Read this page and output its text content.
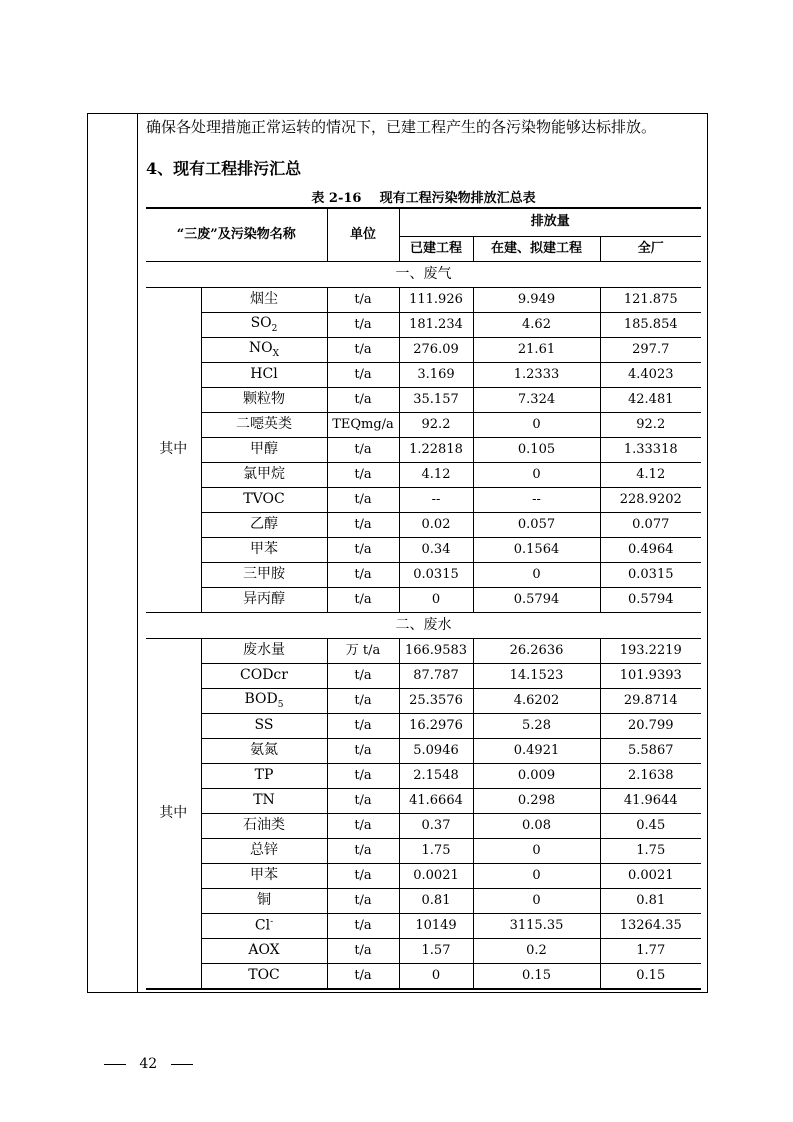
确保各处理措施正常运转的情况下，已建工程产生的各污染物能够达标排放。
4、现有工程排污汇总
表 2-16    现有工程污染物排放汇总表
“三废”及污染物名称		单位	排放量		
			已建工程	在建、拟建工程	全厂
一、废气					
其中	烟尘	t/a	111.926	9.949	121.875
	$SO_2$	t/a	181.234	4.62	185.854
	$NO_X$	t/a	276.09	21.61	297.7
	HCl	t/a	3.169	1.2333	4.4023
	颗粒物	t/a	35.157	7.324	42.481
	二噁英类	TEQmg/a	92.2	0	92.2
	甲醇	t/a	1.22818	0.105	1.33318
	氯甲烷	t/a	4.12	0	4.12
	TVOC	t/a	--	--	228.9202
	乙醇	t/a	0.02	0.057	0.077
	甲苯	t/a	0.34	0.1564	0.4964
	三甲胺	t/a	0.0315	0	0.0315
	异丙醇	t/a	0	0.5794	0.5794
二、废水					
其中	废水量	万 t/a	166.9583	26.2636	193.2219
	CODcr	t/a	87.787	14.1523	101.9393
	$BOD_5$	t/a	25.3576	4.6202	29.8714
	SS	t/a	16.2976	5.28	20.799
	氨氮	t/a	5.0946	0.4921	5.5867
	TP	t/a	2.1548	0.009	2.1638
	TN	t/a	41.6664	0.298	41.9644
	石油类	t/a	0.37	0.08	0.45
	总锌	t/a	1.75	0	1.75
	甲苯	t/a	0.0021	0	0.0021
	铜	t/a	0.81	0	0.81
	Cl-	t/a	10149	3115.35	13264.35
	AOX	t/a	1.57	0.2	1.77
	TOC	t/a	0	0.15	0.15
42
